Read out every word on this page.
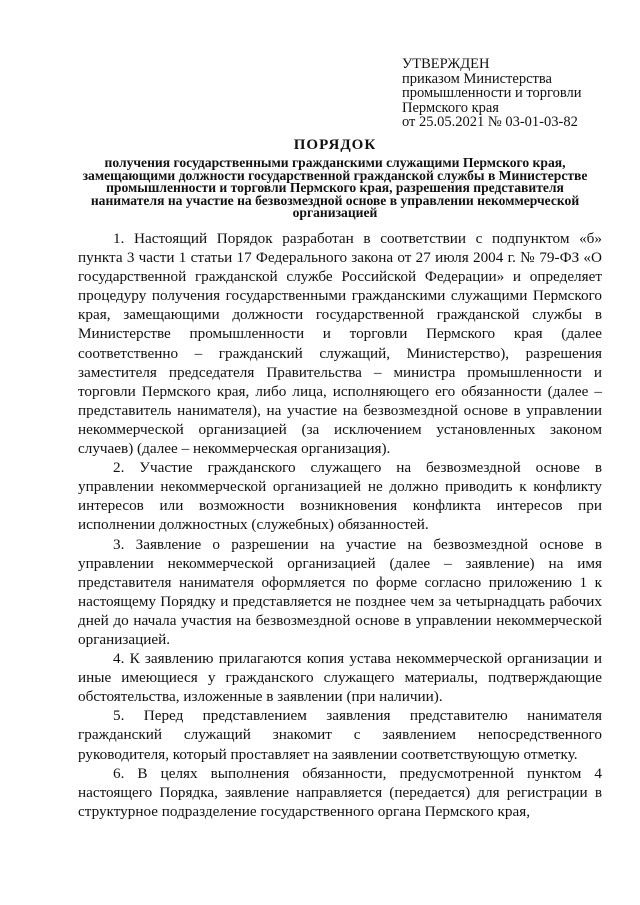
УТВЕРЖДЕН
приказом Министерства
промышленности и торговли
Пермского края
от 25.05.2021 № 03-01-03-82
ПОРЯДОК
получения государственными гражданскими служащими Пермского края, замещающими должности государственной гражданской службы в Министерстве промышленности и торговли Пермского края, разрешения представителя нанимателя на участие на безвозмездной основе в управлении некоммерческой организацией

1. Настоящий Порядок разработан в соответствии с подпунктом «б» пункта 3 части 1 статьи 17 Федерального закона от 27 июля 2004 г. № 79-ФЗ «О государственной гражданской службе Российской Федерации» и определяет процедуру получения государственными гражданскими служащими Пермского края, замещающими должности государственной гражданской службы в Министерстве промышленности и торговли Пермского края (далее соответственно – гражданский служащий, Министерство), разрешения заместителя председателя Правительства – министра промышленности и торговли Пермского края, либо лица, исполняющего его обязанности (далее – представитель нанимателя), на участие на безвозмездной основе в управлении некоммерческой организацией (за исключением установленных законом случаев) (далее – некоммерческая организация).

2. Участие гражданского служащего на безвозмездной основе в управлении некоммерческой организацией не должно приводить к конфликту интересов или возможности возникновения конфликта интересов при исполнении должностных (служебных) обязанностей.

3. Заявление о разрешении на участие на безвозмездной основе в управлении некоммерческой организацией (далее – заявление) на имя представителя нанимателя оформляется по форме согласно приложению 1 к настоящему Порядку и представляется не позднее чем за четырнадцать рабочих дней до начала участия на безвозмездной основе в управлении некоммерческой организацией.

4. К заявлению прилагаются копия устава некоммерческой организации и иные имеющиеся у гражданского служащего материалы, подтверждающие обстоятельства, изложенные в заявлении (при наличии).

5. Перед представлением заявления представителю нанимателя гражданский служащий знакомит с заявлением непосредственного руководителя, который проставляет на заявлении соответствующую отметку.

6. В целях выполнения обязанности, предусмотренной пунктом 4 настоящего Порядка, заявление направляется (передается) для регистрации в структурное подразделение государственного органа Пермского края,
